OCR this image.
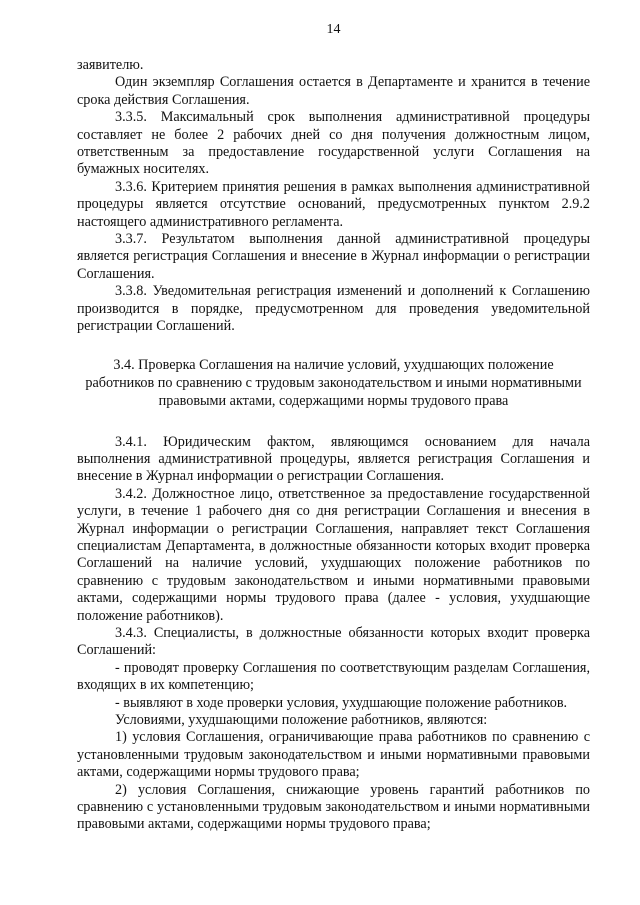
14

заявителю.

Один экземпляр Соглашения остается в Департаменте и хранится в течение срока действия Соглашения.

3.3.5. Максимальный срок выполнения административной процедуры составляет не более 2 рабочих дней со дня получения должностным лицом, ответственным за предоставление государственной услуги Соглашения на бумажных носителях.

3.3.6. Критерием принятия решения в рамках выполнения административной процедуры является отсутствие оснований, предусмотренных пунктом 2.9.2 настоящего административного регламента.

3.3.7. Результатом выполнения данной административной процедуры является регистрация Соглашения и внесение в Журнал информации о регистрации Соглашения.

3.3.8. Уведомительная регистрация изменений и дополнений к Соглашению производится в порядке, предусмотренном для проведения уведомительной регистрации Соглашений.

3.4. Проверка Соглашения на наличие условий, ухудшающих положение работников по сравнению с трудовым законодательством и иными нормативными правовыми актами, содержащими нормы трудового права

3.4.1. Юридическим фактом, являющимся основанием для начала выполнения административной процедуры, является регистрация Соглашения и внесение в Журнал информации о регистрации Соглашения.

3.4.2. Должностное лицо, ответственное за предоставление государственной услуги, в течение 1 рабочего дня со дня регистрации Соглашения и внесения в Журнал информации о регистрации Соглашения, направляет текст Соглашения специалистам Департамента, в должностные обязанности которых входит проверка Соглашений на наличие условий, ухудшающих положение работников по сравнению с трудовым законодательством и иными нормативными правовыми актами, содержащими нормы трудового права (далее - условия, ухудшающие положение работников).

3.4.3. Специалисты, в должностные обязанности которых входит проверка Соглашений:

- проводят проверку Соглашения по соответствующим разделам Соглашения, входящих в их компетенцию;

- выявляют в ходе проверки условия, ухудшающие положение работников.

Условиями, ухудшающими положение работников, являются:

1) условия Соглашения, ограничивающие права работников по сравнению с установленными трудовым законодательством и иными нормативными правовыми актами, содержащими нормы трудового права;

2) условия Соглашения, снижающие уровень гарантий работников по сравнению с установленными трудовым законодательством и иными нормативными правовыми актами, содержащими нормы трудового права;
